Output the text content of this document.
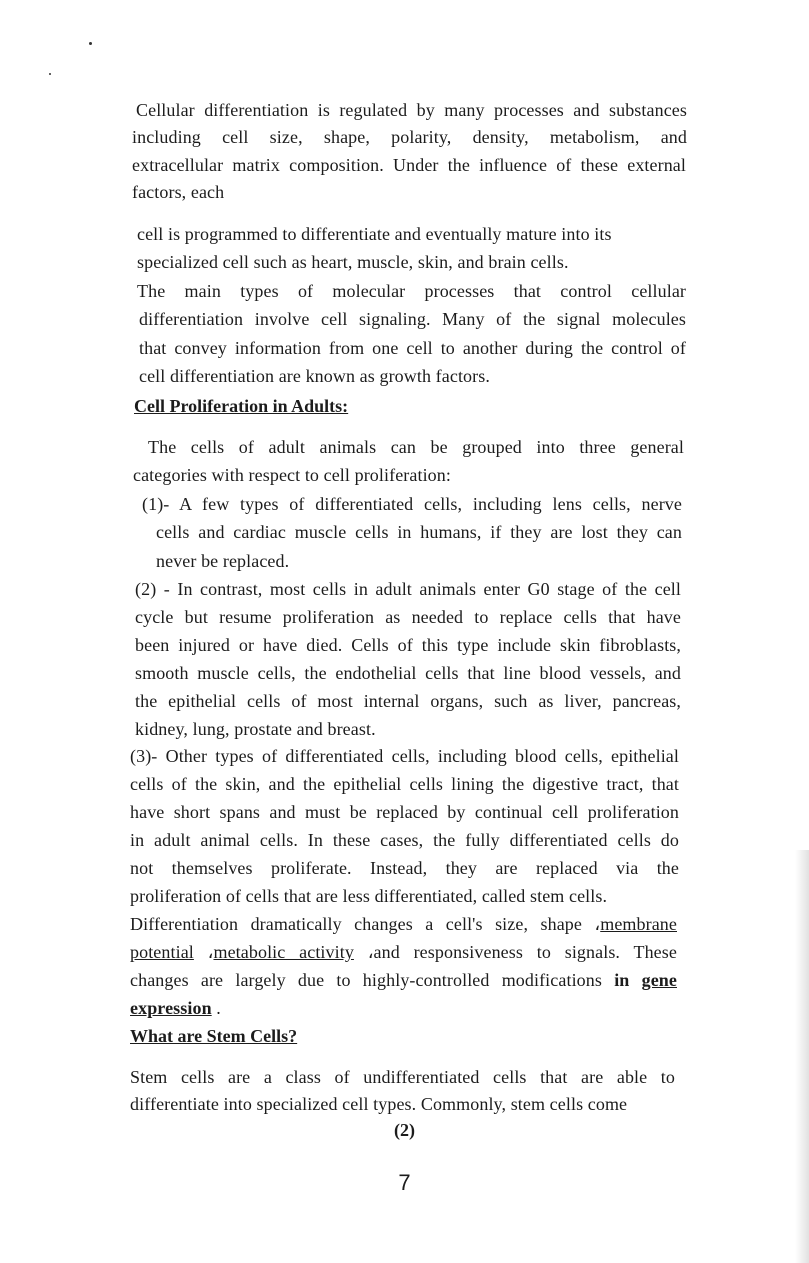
Cellular differentiation is regulated by many processes and substances
including cell size, shape, polarity, density, metabolism, and
extracellular matrix composition. Under the influence of these external
factors, each
cell is programmed to differentiate and eventually mature into its
specialized cell such as heart, muscle, skin, and brain cells.
The main types of molecular processes that control cellular
differentiation involve cell signaling. Many of the signal molecules
that convey information from one cell to another during the control of
cell differentiation are known as growth factors.
Cell Proliferation in Adults:
The cells of adult animals can be grouped into three general
categories with respect to cell proliferation:
(1)- A few types of differentiated cells, including lens cells, nerve
cells and cardiac muscle cells in humans, if they are lost they can
never be replaced.
(2) - In contrast, most cells in adult animals enter G0 stage of the cell
cycle but resume proliferation as needed to replace cells that have
been injured or have died. Cells of this type include skin fibroblasts,
smooth muscle cells, the endothelial cells that line blood vessels, and
the epithelial cells of most internal organs, such as liver, pancreas,
kidney, lung, prostate and breast.
(3)- Other types of differentiated cells, including blood cells, epithelial
cells of the skin, and the epithelial cells lining the digestive tract, that
have short spans and must be replaced by continual cell proliferation
in adult animal cells. In these cases, the fully differentiated cells do
not themselves proliferate. Instead, they are replaced via the
proliferation of cells that are less differentiated, called stem cells.
Differentiation dramatically changes a cell's size, shape ،membrane
potential ،metabolic activity ،and responsiveness to signals. These
changes are largely due to highly-controlled modifications in gene
expression .
What are Stem Cells?
Stem cells are a class of undifferentiated cells that are able to
differentiate into specialized cell types. Commonly, stem cells come
(2)
7
